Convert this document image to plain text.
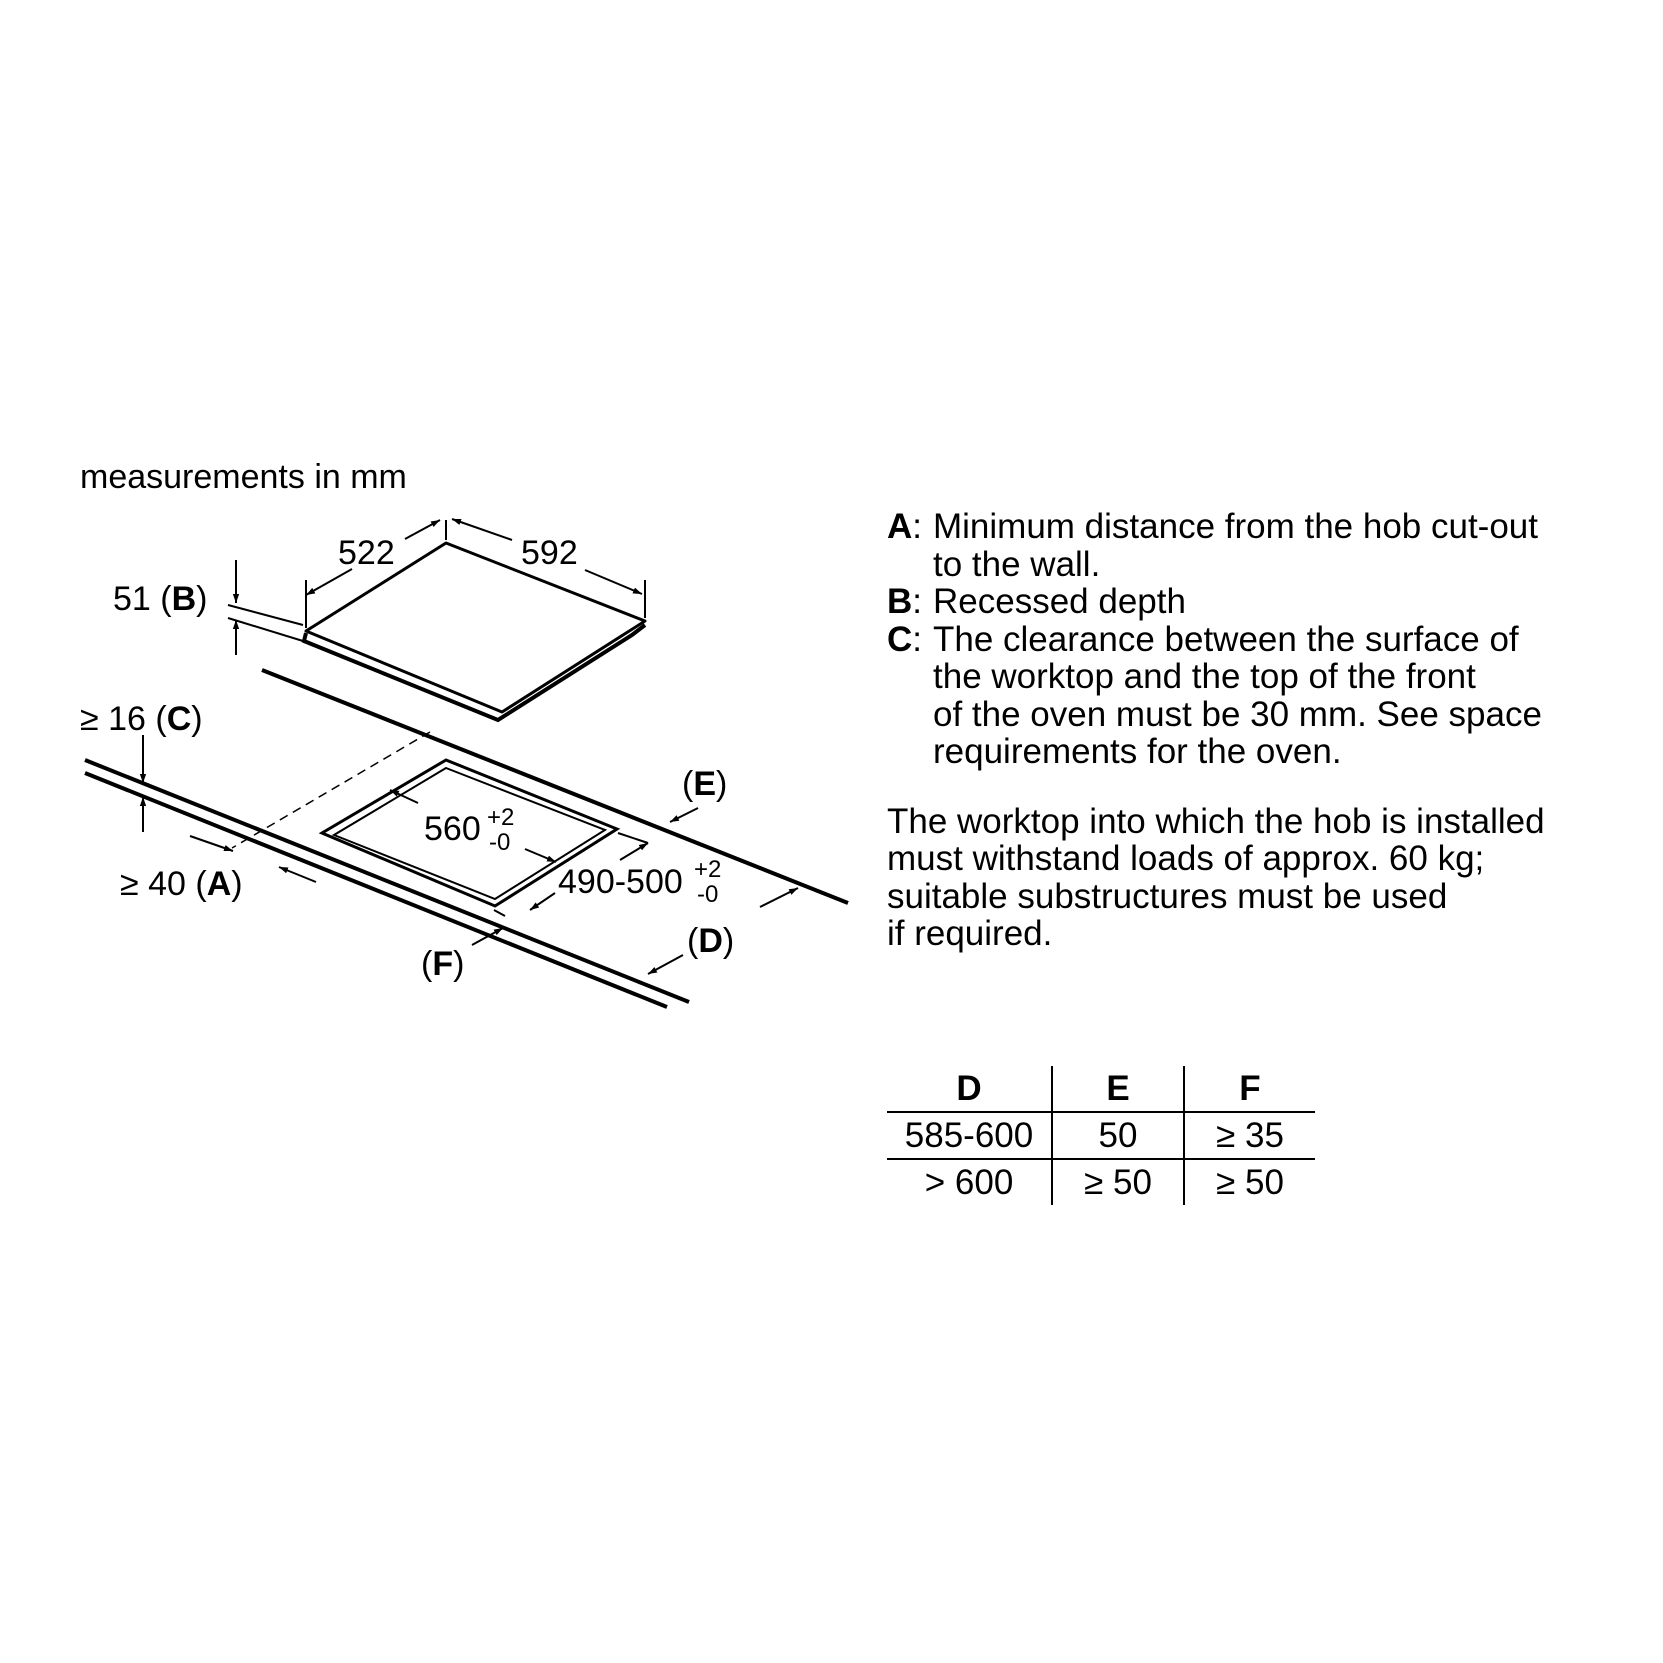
measurements in mm
522	592
51 (B)
560 +2
-0
490-500 +2
-0
≥ 16 (C)
≥ 40 (A)
(E)
(D)
(F)
A: Minimum distance from the hob cut-out
to the wall.
B: Recessed depth
C: The clearance between the surface of
the worktop and the top of the front
of the oven must be 30 mm. See space
requirements for the oven.
The worktop into which the hob is installed
must withstand loads of approx. 60 kg;
suitable substructures must be used
if required.
D	E	F
585-600	50	≥ 35
> 600	≥ 50	≥ 50
